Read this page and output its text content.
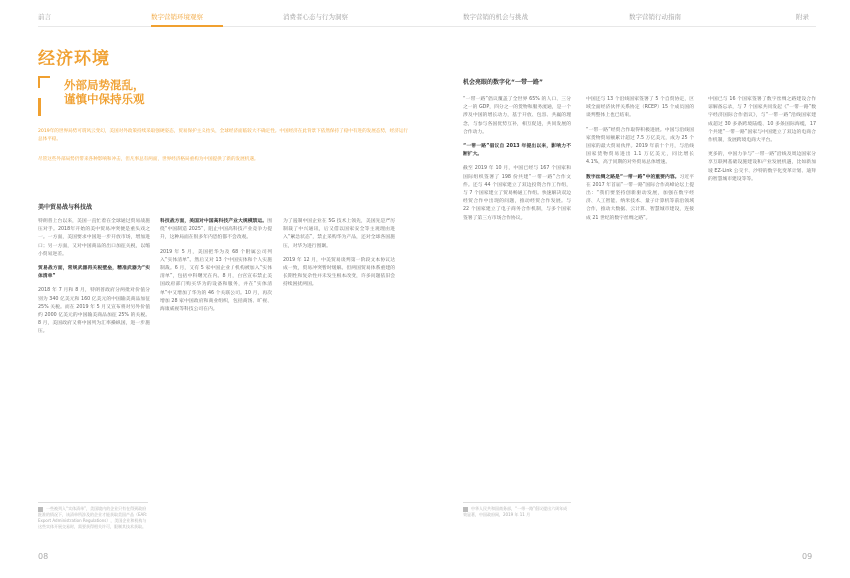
前言	数字营销环境观察	消费者心态与行为洞察	数字营销的机会与挑战	数字营销行动指南	附录
经济环境
外部局势混乱，
谨慎中保持乐观
2019年的世界局势可谓风云变幻，美国对外政策持续采取强硬姿态，贸易保护主义抬头，全球经济面临较大不确定性。中国经济在此背景下依然保持了稳中有进的发展态势，经济运行总体平稳。
尽管这些外部局势仍带来各种影响和冲击，但凡事总有两面，世界经济格局重构为中国提供了新的发展机遇。
美中贸易战与科技战

特朗普上台以来，美国一直忙着在全球通过贸易战施压对手。2018年开始的美中贸易冲突便是重头戏之一。一方面，美国要求中国进一步开放市场，增加进口；另一方面，又对中国商品的出口加征关税，以缩小贸易逆差。

贸易战方面，常规武器再关税壁垒，精准武器为“实体清单”

2018 年 7 月和 8 月，特朗普政府分两批对价值分别为 340 亿美元和 160 亿美元的中国输美商品加征 25% 关税。而在 2019 年 5 月又宣布将对另外价值约 2000 亿美元的中国输美商品加征 25% 的关税。8 月，美国政府又将中国列为汇率操纵国，进一步施压。

科技战方面，美国对中国高科技产业大规模禁运。围绕“中国制造 2025”，阻止中国高科技产业竞争力提升，这种局面在很多年内恐怕都不会改观。

2019 年 5 月，美国把华为及 68 个附属公司列入“实体清单”。然后又对 13 个中国实体和个人实施制裁。6 月，又有 5 家中国企业 / 机构被加入“实体清单”，包括中科曙光在内。8 月，白宫宣布禁止美国政府部门购买华为的设备和服务，并在“实体清单”中又增加了华为的 46 个关联公司。10 月，再次增加 28 家中国政府和商业组织，包括商汤、旷视、海康威视等科技公司在内。

为了遏制中国企业在 5G 技术上领先，美国先是严厉制裁了中兴通讯，后又借以国家安全等主观理由进入“紧急状态”，禁止采购华为产品，还对全球各国施压，对华为进行围剿。

2019 年 12 月，中美贸易谈判第一阶段文本协议达成一致，贸易冲突暂时缓解。但两国贸易体系重建的长期性和复杂性并未发生根本改变，许多问题依旧会持续困扰两国。

一些被列入“实体清单”，美国境内的企业只有在得到政府批准的情况下，该清单所涉及的企业才能获取美国产品（EAR: Export Administration Regulations），美国企业和机构与这些实体开展交易时，需要获得相关许可，限制其技术获取。
08
机会亮眼的数字化“一带一路”

“一带一路”倡议覆盖了全世界 65% 的人口、三分之一的 GDP，四分之一的货物和服务流通，是一个涉及中国的增长动力，基于开放、包容、共赢的理念，与参与各国优势互补，相互促进，共同发展的合作动力。

“一带一路”倡议自 2013 年提出以来，影响力不断扩大。

截至 2019 年 10 月，中国已经与 167 个国家和国际组织签署了 198 份共建“一带一路”合作文件。还与 44 个国家建立了双边投资合作工作组，与 7 个国家建立了贸易畅通工作组。快速解决双边经贸合作中出现的问题，推动经贸合作发展。与 22 个国家建立了电子商务合作机制，与多个国家签署了第三方市场合作协议。

中国还与 13 个沿线国家签署了 5 个自贸协定，区域全面经济伙伴关系协定（RCEP）15 个成员国的谈判整体上也已结束。

“一带一路”经贸合作取得积极进展。中国与沿线国家货物贸易额累计超过 7.5 万亿美元，成为 25 个国家的最大贸易伙伴。2019 年前十个月，与沿线国家货物贸易进出 1.1 万亿美元，同比增长 4.1%，高于同期的对外贸易总体增速。

数字丝绸之路是“一带一路”中的重要内容。习近平在 2017 年首届“一带一路”国际合作高峰论坛上提出：“我们要坚持创新驱动发展，加强在数字经济、人工智能、纳米技术、量子计算机等前沿领域合作，推动大数据、云计算、智慧城市建设，连接成 21 世纪的数字丝绸之路”。

中国已与 16 个国家签署了数字丝绸之路建设合作谅解备忘录，与 7 个国家共同发起《“一带一路”数字经济国际合作倡议》，与“一带一路”沿线国家建成超过 30 多条跨境陆缆、10 多条国际海缆，17 个共建“一带一路”国家与中国建立了双边的电商合作机制，发展跨境电商大平台。

更多的，中国力争与“一带一路”沿线及周边国家分享互联网基础设施建设和产业发展机遇，比如新加坡 EZ-Link 公交卡、沙特的数字化变革计划、迪拜的智慧城市建设等等。

中华人民共和国商务部，“一带一路”倡议提出六周年成效显著，中国政府网，2019 年 11 月
09
